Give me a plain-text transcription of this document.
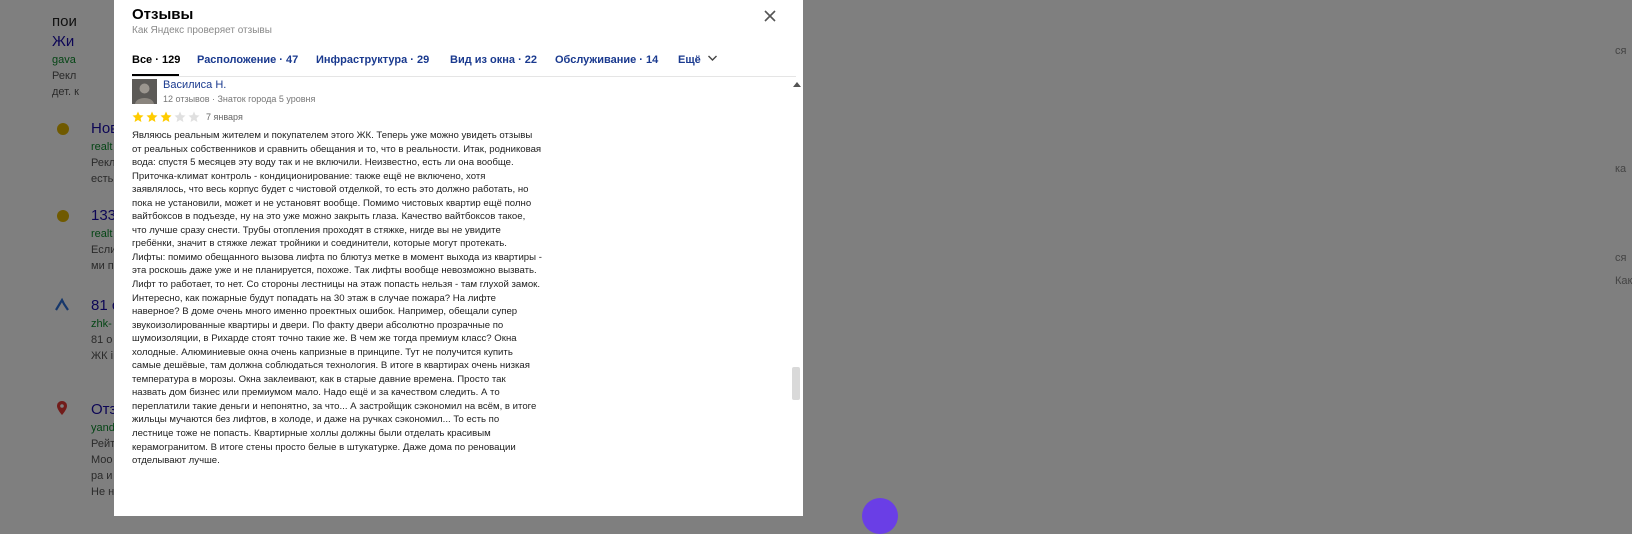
ся
ка
ся
Как
Отзывы
Как Яндекс проверяет отзывы
Все · 129 Расположение · 47 Инфраструктура · 29 Вид из окна · 22 Обслуживание · 14 Ещё
Василиса Н.
12 отзывов · Знаток города 5 уровня
7 января

Являюсь реальным жителем и покупателем этого ЖК. Теперь уже можно увидеть отзывы от реальных собственников и сравнить обещания и то, что в реальности. Итак, родниковая вода: спустя 5 месяцев эту воду так и не включили. Неизвестно, есть ли она вообще. Приточка-климат контроль - кондиционирование: также ещё не включено, хотя заявлялось, что весь корпус будет с чистовой отделкой, то есть это должно работать, но пока не установили, может и не установят вообще. Помимо чистовых квартир ещё полно вайтбоксов в подъезде, ну на это уже можно закрыть глаза. Качество вайтбоксов такое, что лучше сразу снести. Трубы отопления проходят в стяжке, нигде вы не увидите гребёнки, значит в стяжке лежат тройники и соединители, которые могут протекать. Лифты: помимо обещанного вызова лифта по блютуз метке в момент выхода из квартиры - эта роскошь даже уже и не планируется, похоже. Так лифты вообще невозможно вызвать. Лифт то работает, то нет. Со стороны лестницы на этаж попасть нельзя - там глухой замок. Интересно, как пожарные будут попадать на 30 этаж в случае пожара? На лифте наверное? В доме очень много именно проектных ошибок. Например, обещали супер звукоизолированные квартиры и двери. По факту двери абсолютно прозрачные по шумоизоляции, в Рихарде стоят точно такие же. В чем же тогда премиум класс? Окна холодные. Алюминиевые окна очень капризные в принципе. Тут не получится купить самые дешёвые, там должна соблюдаться технология. В итоге в квартирах очень низкая температура в морозы. Окна заклеивают, как в старые давние времена. Просто так назвать дом бизнес или премиумом мало. Надо ещё и за качеством следить. А то переплатили такие деньги и непонятно, за что... А застройщик сэкономил на всём, в итоге жильцы мучаются без лифтов, в холоде, и даже на ручках сэкономил... То есть по лестнице тоже не попасть. Квартирные холлы должны были отделать красивым керамогранитом. В итоге стены просто белые в штукатурке. Даже дома по реновации отделывают лучше.
